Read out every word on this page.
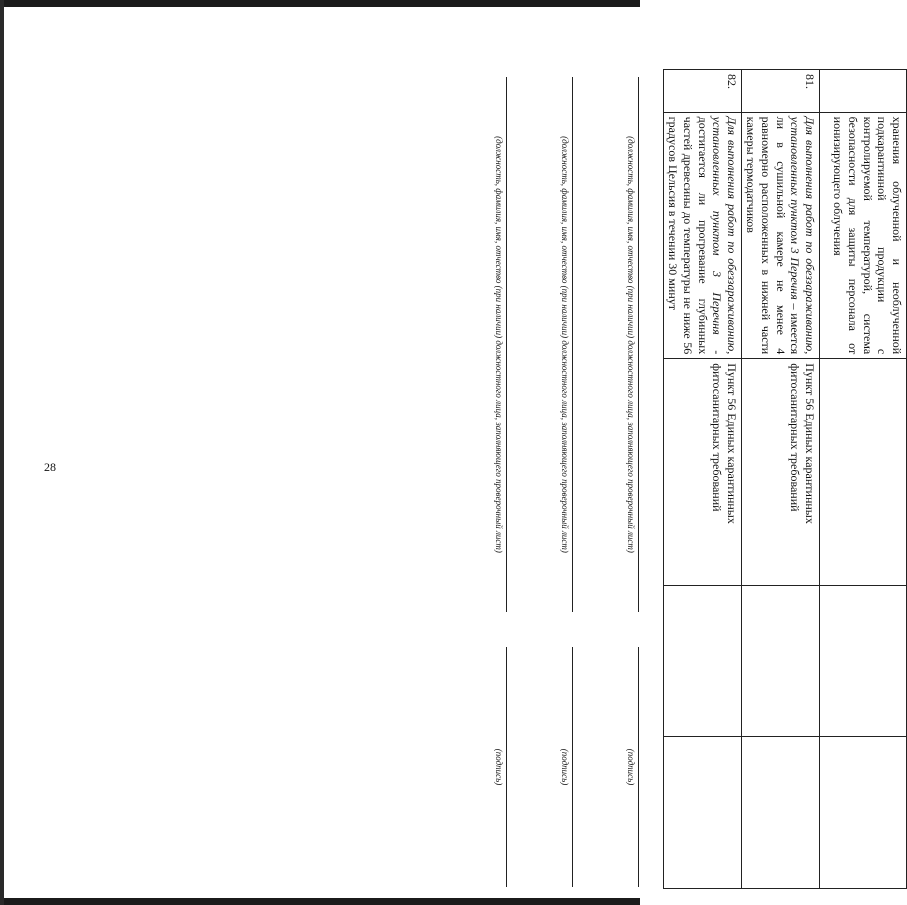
28
	хранения облученной и необлученной подкарантинной продукции с контролируемой температурой, система безопасности для защиты персонала от ионизирующего облучения			
81.	Для выполнения работ по обеззараживанию, установленных пунктом 3 Перечня – имеется ли в сушильной камере не менее 4 равномерно расположенных в нижней части камеры термодатчиков	Пункт 56 Единых карантинных фитосанитарных требований		
82.	Для выполнения работ по обеззараживанию, установленных пунктом 3 Перечня - достигается ли прогревание глубинных частей древесины до температуры не ниже 56 градусов Цельсия в течении 30 минут	Пункт 56 Единых карантинных фитосанитарных требований		
(должность, фамилия, имя, отчество (при наличии) должностного лица, заполняющего проверочный лист)
(подпись)
(должность, фамилия, имя, отчество (при наличии) должностного лица, заполняющего проверочный лист)
(подпись)
(должность, фамилия, имя, отчество (при наличии) должностного лица, заполняющего проверочный лист)
(подпись)
